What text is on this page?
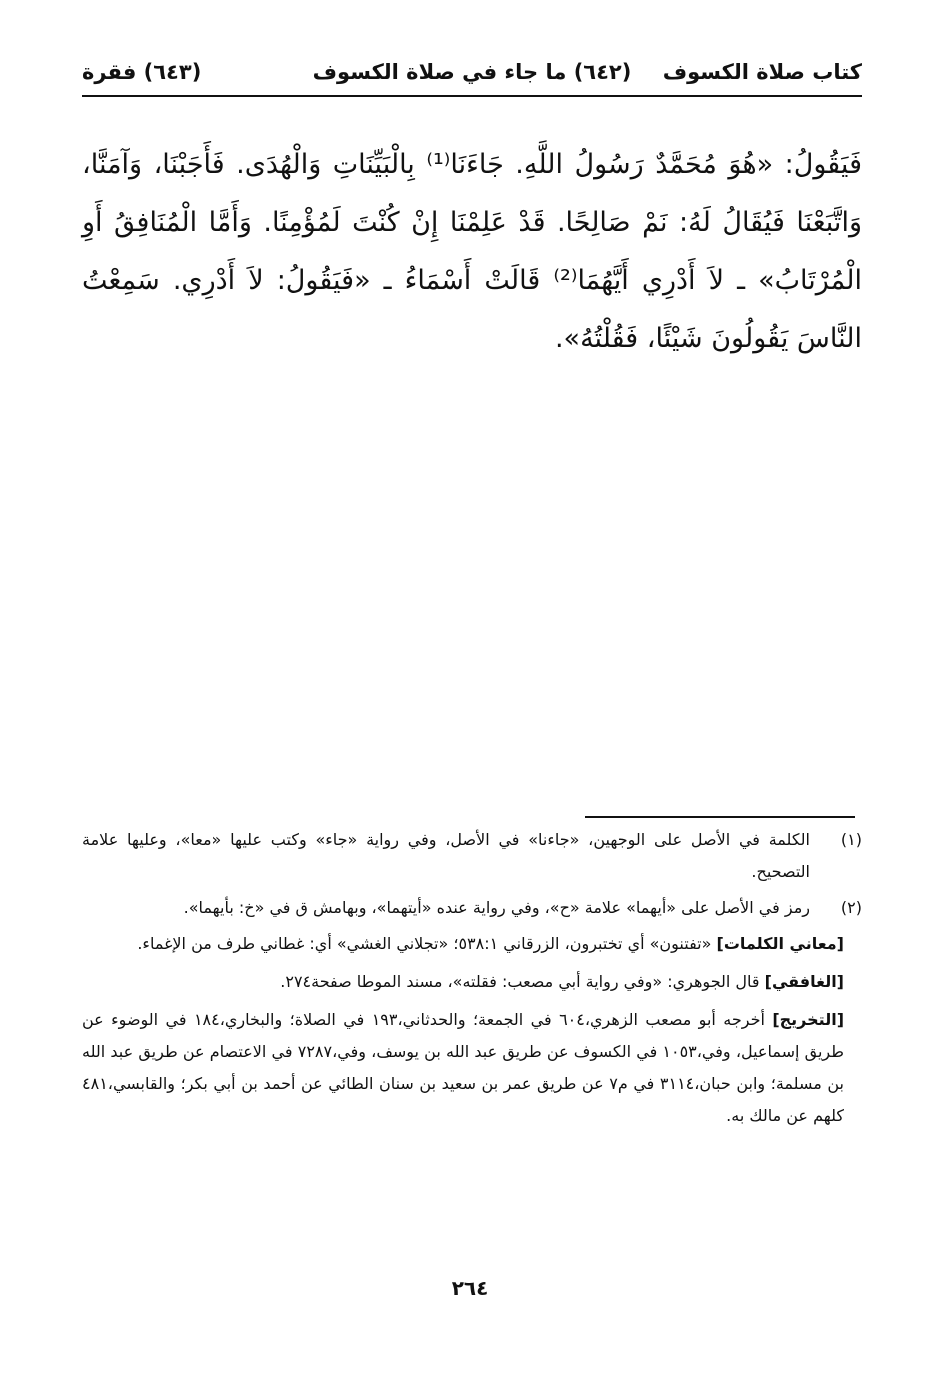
كتاب صلاة الكسوف
(٦٤٢) ما جاء في صلاة الكسوف
(٦٤٣) فقرة
فَيَقُولُ: «هُوَ مُحَمَّدٌ رَسُولُ اللَّهِ. جَاءَنَا⁽¹⁾ بِالْبَيِّنَاتِ وَالْهُدَى. فَأَجَبْنَا، وَآمَنَّا، وَاتَّبَعْنَا فَيُقَالُ لَهُ: نَمْ صَالِحًا. قَدْ عَلِمْنَا إِنْ كُنْتَ لَمُؤْمِنًا. وَأَمَّا الْمُنَافِقُ أَوِ الْمُرْتَابُ» ـ لاَ أَدْرِي أَيَّهُمَا⁽²⁾ قَالَتْ أَسْمَاءُ ـ «فَيَقُولُ: لاَ أَدْرِي. سَمِعْتُ النَّاسَ يَقُولُونَ شَيْئًا، فَقُلْتُهُ».
(١)
الكلمة في الأصل على الوجهين، «جاءنا» في الأصل، وفي رواية «جاء» وكتب عليها «معا»، وعليها علامة التصحيح.
(٢)
رمز في الأصل على «أيهما» علامة «ح»، وفي رواية عنده «أيتهما»، وبهامش ق في «خ: بأيهما».
[معاني الكلمات] «تفتنون» أي تختبرون، الزرقاني ٥٣٨:١؛ «تجلاني الغشي» أي: غطاني طرف من الإغماء.
[الغافقي] قال الجوهري: «وفي رواية أبي مصعب: فقلته»، مسند الموطا صفحة٢٧٤.
[التخريج] أخرجه أبو مصعب الزهري،٦٠٤ في الجمعة؛ والحدثاني،١٩٣ في الصلاة؛ والبخاري،١٨٤ في الوضوء عن طريق إسماعيل، وفي،١٠٥٣ في الكسوف عن طريق عبد الله بن يوسف، وفي،٧٢٨٧ في الاعتصام عن طريق عبد الله بن مسلمة؛ وابن حبان،٣١١٤ في م٧ عن طريق عمر بن سعيد بن سنان الطائي عن أحمد بن أبي بكر؛ والقابسي،٤٨١ كلهم عن مالك به.
٢٦٤
